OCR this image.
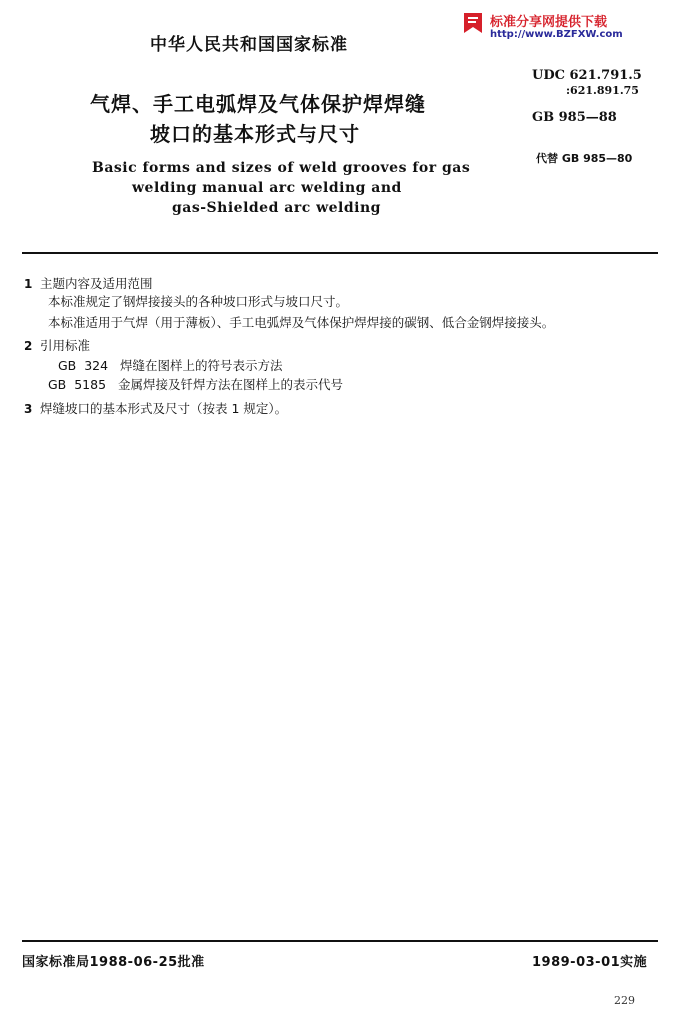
中华人民共和国国家标准
标准分享网提供下载
http://www.BZFXW.com
气焊、手工电弧焊及气体保护焊焊缝
坡口的基本形式与尺寸
UDC 621.791.5
:621.891.75
GB 985—88
代替 GB 985—80
Basic forms and sizes of weld grooves for gas
welding manual arc welding and
gas-Shielded arc welding
1 主题内容及适用范围
本标准规定了钢焊接接头的各种坡口形式与坡口尺寸。
本标准适用于气焊（用于薄板）、手工电弧焊及气体保护焊焊接的碳钢、低合金钢焊接接头。
2 引用标准
GB  324   焊缝在图样上的符号表示方法
GB  5185   金属焊接及钎焊方法在图样上的表示代号
3 焊缝坡口的基本形式及尺寸（按表 1 规定）。
国家标准局1988-06-25批准	1989-03-01实施
229
